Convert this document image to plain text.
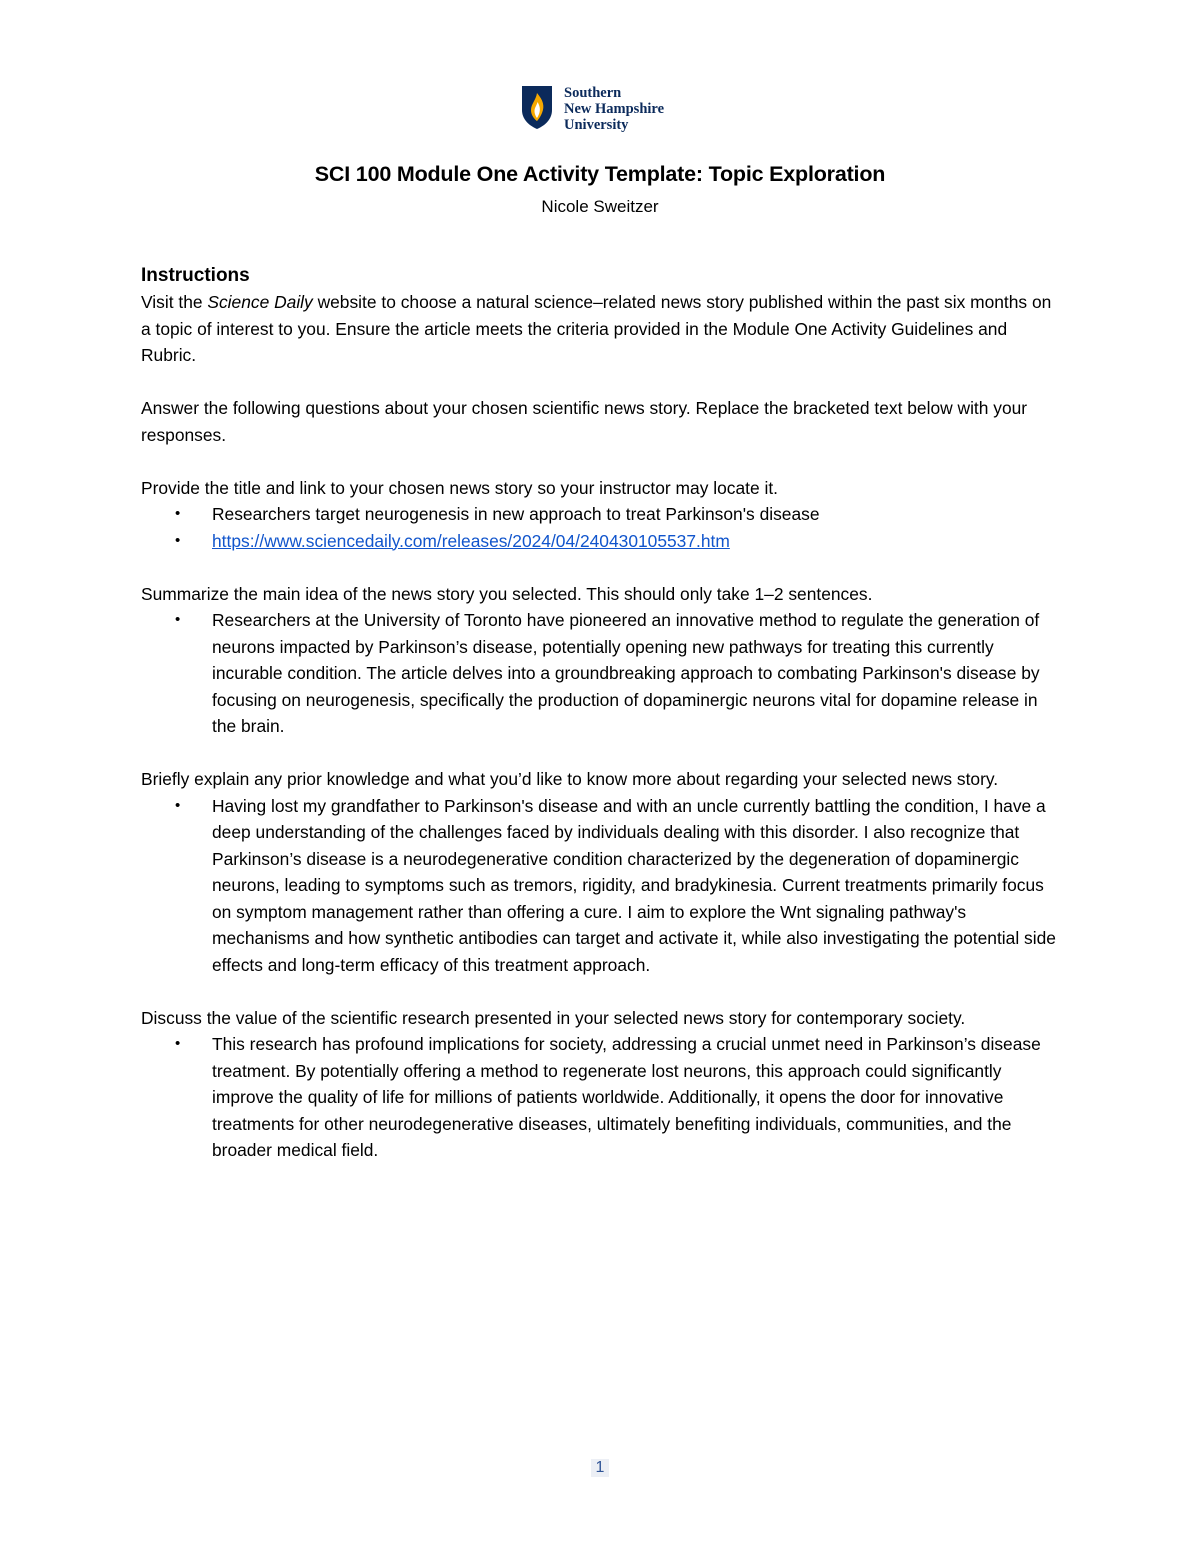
Southern
New Hampshire
University
SCI 100 Module One Activity Template: Topic Exploration
Nicole Sweitzer
Instructions

Visit the Science Daily website to choose a natural science–related news story published within the past six months on a topic of interest to you. Ensure the article meets the criteria provided in the Module One Activity Guidelines and Rubric.

Answer the following questions about your chosen scientific news story. Replace the bracketed text below with your responses.

Provide the title and link to your chosen news story so your instructor may locate it.

• Researchers target neurogenesis in new approach to treat Parkinson's disease
• https://www.sciencedaily.com/releases/2024/04/240430105537.htm

Summarize the main idea of the news story you selected. This should only take 1–2 sentences.

• Researchers at the University of Toronto have pioneered an innovative method to regulate the generation of neurons impacted by Parkinson’s disease, potentially opening new pathways for treating this currently incurable condition. The article delves into a groundbreaking approach to combating Parkinson's disease by focusing on neurogenesis, specifically the production of dopaminergic neurons vital for dopamine release in the brain.

Briefly explain any prior knowledge and what you’d like to know more about regarding your selected news story.

• Having lost my grandfather to Parkinson's disease and with an uncle currently battling the condition, I have a deep understanding of the challenges faced by individuals dealing with this disorder. I also recognize that Parkinson’s disease is a neurodegenerative condition characterized by the degeneration of dopaminergic neurons, leading to symptoms such as tremors, rigidity, and bradykinesia. Current treatments primarily focus on symptom management rather than offering a cure. I aim to explore the Wnt signaling pathway's mechanisms and how synthetic antibodies can target and activate it, while also investigating the potential side effects and long-term efficacy of this treatment approach.

Discuss the value of the scientific research presented in your selected news story for contemporary society.

• This research has profound implications for society, addressing a crucial unmet need in Parkinson’s disease treatment. By potentially offering a method to regenerate lost neurons, this approach could significantly improve the quality of life for millions of patients worldwide. Additionally, it opens the door for innovative treatments for other neurodegenerative diseases, ultimately benefiting individuals, communities, and the broader medical field.
1
